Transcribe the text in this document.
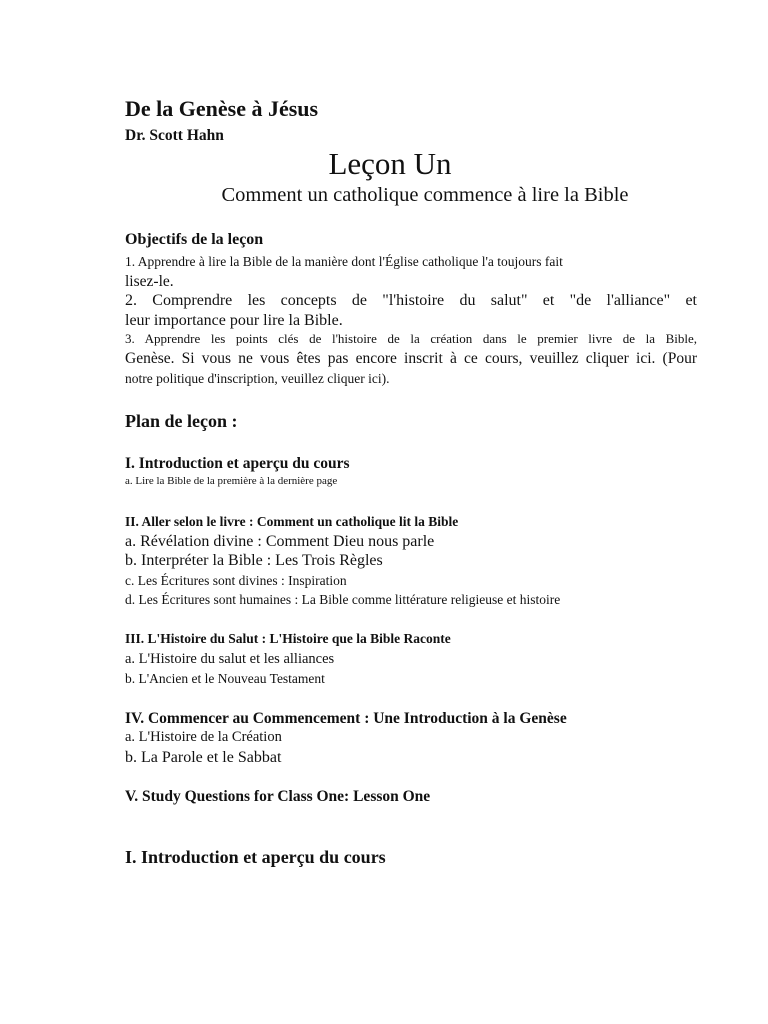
De la Genèse à Jésus
Dr. Scott Hahn
Leçon Un
Comment un catholique commence à lire la Bible
Objectifs de la leçon
1. Apprendre à lire la Bible de la manière dont l'Église catholique l'a toujours fait
lisez-le.
2. Comprendre les concepts de "l'histoire du salut" et "de l'alliance" et
leur importance pour lire la Bible.
3. Apprendre les points clés de l'histoire de la création dans le premier livre de la Bible,
Genèse. Si vous ne vous êtes pas encore inscrit à ce cours, veuillez cliquer ici. (Pour
notre politique d'inscription, veuillez cliquer ici).
Plan de leçon :
I. Introduction et aperçu du cours
a. Lire la Bible de la première à la dernière page
II. Aller selon le livre : Comment un catholique lit la Bible
a. Révélation divine : Comment Dieu nous parle
b. Interpréter la Bible : Les Trois Règles
c. Les Écritures sont divines : Inspiration
d. Les Écritures sont humaines : La Bible comme littérature religieuse et histoire
III. L'Histoire du Salut : L'Histoire que la Bible Raconte
a. L'Histoire du salut et les alliances
b. L'Ancien et le Nouveau Testament
IV. Commencer au Commencement : Une Introduction à la Genèse
a. L'Histoire de la Création
b. La Parole et le Sabbat
V. Study Questions for Class One: Lesson One
I. Introduction et aperçu du cours
